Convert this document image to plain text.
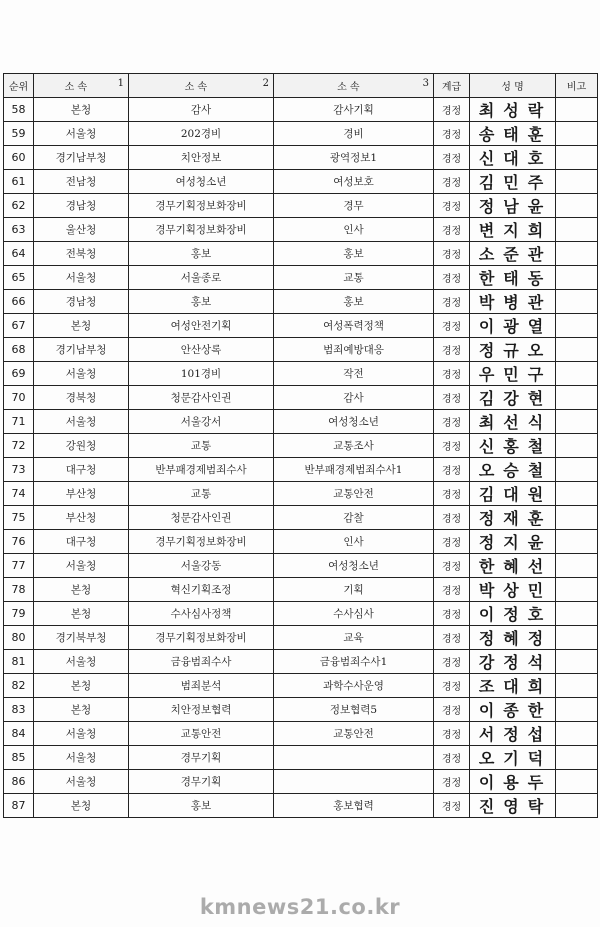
순위	소 속 1	소 속 2	소 속 3	계급	성 명	비고
58	본청	감사	감사기획	경정	최성락	
59	서울청	202경비	경비	경정	송태훈	
60	경기남부청	치안정보	광역정보1	경정	신대호	
61	전남청	여성청소년	여성보호	경정	김민주	
62	경남청	경무기획정보화장비	경무	경정	정남윤	
63	울산청	경무기획정보화장비	인사	경정	변지희	
64	전북청	홍보	홍보	경정	소준관	
65	서울청	서울종로	교통	경정	한태동	
66	경남청	홍보	홍보	경정	박병관	
67	본청	여성안전기획	여성폭력정책	경정	이광열	
68	경기남부청	안산상록	범죄예방대응	경정	정규오	
69	서울청	101경비	작전	경정	우민구	
70	경북청	청문감사인권	감사	경정	김강현	
71	서울청	서울강서	여성청소년	경정	최선식	
72	강원청	교통	교통조사	경정	신홍철	
73	대구청	반부패경제범죄수사	반부패경제범죄수사1	경정	오승철	
74	부산청	교통	교통안전	경정	김대원	
75	부산청	청문감사인권	감찰	경정	정재훈	
76	대구청	경무기획정보화장비	인사	경정	정지윤	
77	서울청	서울강동	여성청소년	경정	한혜선	
78	본청	혁신기획조정	기획	경정	박상민	
79	본청	수사심사정책	수사심사	경정	이정호	
80	경기북부청	경무기획정보화장비	교육	경정	정혜정	
81	서울청	금융범죄수사	금융범죄수사1	경정	강정석	
82	본청	범죄분석	과학수사운영	경정	조대희	
83	본청	치안정보협력	정보협력5	경정	이종한	
84	서울청	교통안전	교통안전	경정	서정섭	
85	서울청	경무기획		경정	오기덕	
86	서울청	경무기획		경정	이용두	
87	본청	홍보	홍보협력	경정	진영탁	
kmnews21.co.kr
